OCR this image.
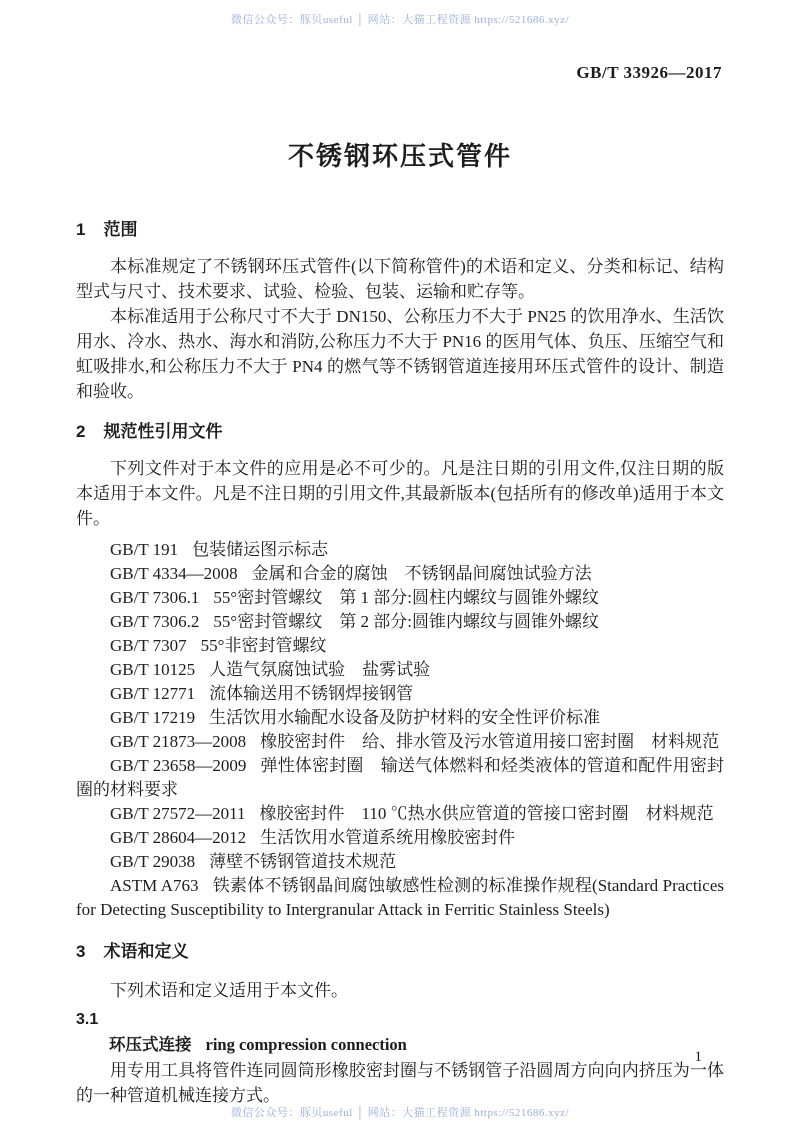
微信公众号：豚贝useful │ 网站：大猫工程资源 https://521686.xyz/
GB/T 33926—2017
不锈钢环压式管件
1 范围

本标准规定了不锈钢环压式管件(以下简称管件)的术语和定义、分类和标记、结构型式与尺寸、技术要求、试验、检验、包装、运输和贮存等。

本标准适用于公称尺寸不大于 DN150、公称压力不大于 PN25 的饮用净水、生活饮用水、冷水、热水、海水和消防,公称压力不大于 PN16 的医用气体、负压、压缩空气和虹吸排水,和公称压力不大于 PN4 的燃气等不锈钢管道连接用环压式管件的设计、制造和验收。

2 规范性引用文件

下列文件对于本文件的应用是必不可少的。凡是注日期的引用文件,仅注日期的版本适用于本文件。凡是不注日期的引用文件,其最新版本(包括所有的修改单)适用于本文件。

GB/T 191 包装储运图示标志

GB/T 4334—2008 金属和合金的腐蚀　不锈钢晶间腐蚀试验方法

GB/T 7306.1 55°密封管螺纹　第 1 部分:圆柱内螺纹与圆锥外螺纹

GB/T 7306.2 55°密封管螺纹　第 2 部分:圆锥内螺纹与圆锥外螺纹

GB/T 7307 55°非密封管螺纹

GB/T 10125 人造气氛腐蚀试验　盐雾试验

GB/T 12771 流体输送用不锈钢焊接钢管

GB/T 17219 生活饮用水输配水设备及防护材料的安全性评价标准

GB/T 21873—2008 橡胶密封件　给、排水管及污水管道用接口密封圈　材料规范

GB/T 23658—2009 弹性体密封圈　输送气体燃料和烃类液体的管道和配件用密封圈的材料要求

GB/T 27572—2011 橡胶密封件　110 ℃热水供应管道的管接口密封圈　材料规范

GB/T 28604—2012 生活饮用水管道系统用橡胶密封件

GB/T 29038 薄壁不锈钢管道技术规范

ASTM A763 铁素体不锈钢晶间腐蚀敏感性检测的标准操作规程(Standard Practices for Detecting Susceptibility to Intergranular Attack in Ferritic Stainless Steels)

3 术语和定义

下列术语和定义适用于本文件。

3.1

环压式连接 ring compression connection

用专用工具将管件连同圆筒形橡胶密封圈与不锈钢管子沿圆周方向向内挤压为一体的一种管道机械连接方式。

1
微信公众号：豚贝useful │ 网站：大猫工程资源 https://521686.xyz/
